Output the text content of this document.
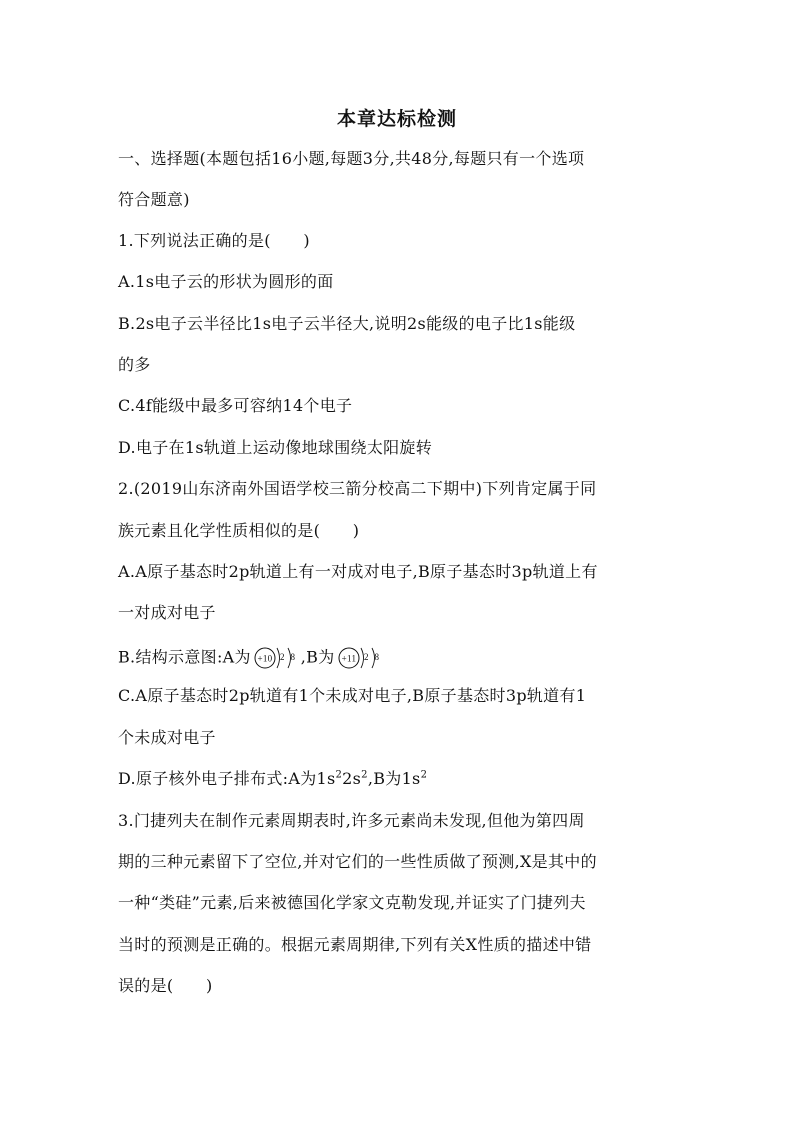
本章达标检测
一、选择题(本题包括16小题,每题3分,共48分,每题只有一个选项
符合题意)
1.下列说法正确的是(　　)
A.1s电子云的形状为圆形的面
B.2s电子云半径比1s电子云半径大,说明2s能级的电子比1s能级
的多
C.4f能级中最多可容纳14个电子
D.电子在1s轨道上运动像地球围绕太阳旋转
2.(2019山东济南外国语学校三箭分校高二下期中)下列肯定属于同
族元素且化学性质相似的是(　　)
A.A原子基态时2p轨道上有一对成对电子,B原子基态时3p轨道上有
一对成对电子
B.结构示意图:A为 +10 2 8 ,B为 +11 2 8
C.A原子基态时2p轨道有1个未成对电子,B原子基态时3p轨道有1
个未成对电子
D.原子核外电子排布式:A为$1s^22s^2,B$为$1s^2$
3.门捷列夫在制作元素周期表时,许多元素尚未发现,但他为第四周
期的三种元素留下了空位,并对它们的一些性质做了预测,X是其中的
一种“类硅”元素,后来被德国化学家文克勒发现,并证实了门捷列夫
当时的预测是正确的。根据元素周期律,下列有关X性质的描述中错
误的是(　　)
